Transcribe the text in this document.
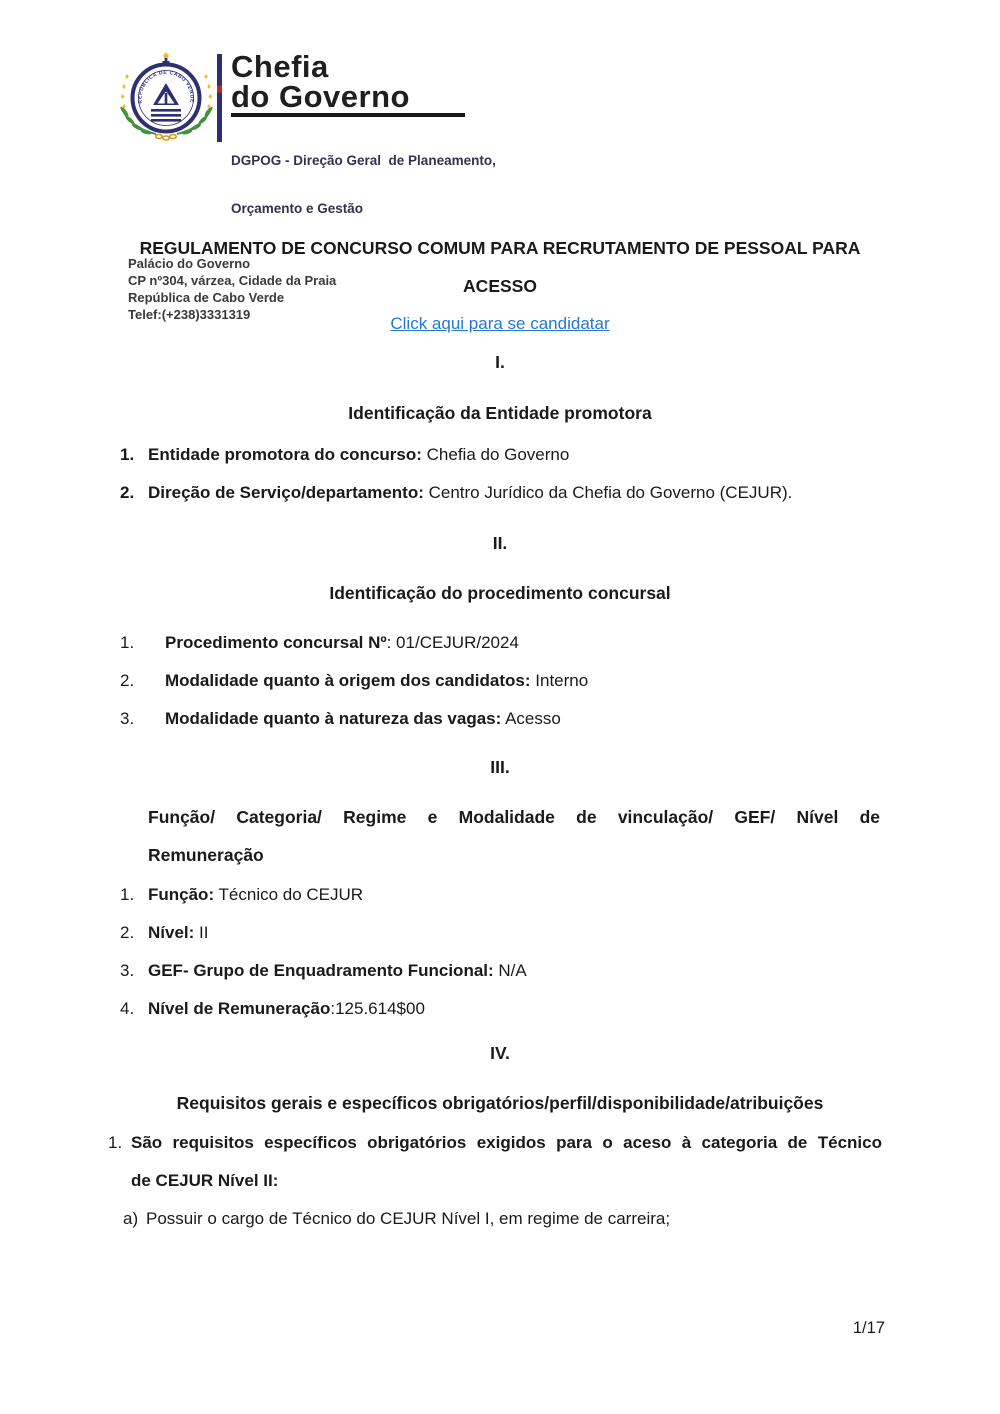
REPÚBLICA DE CABO VERDE
Chefia
do Governo

DGPOG - Direção Geral  de Planeamento,

Orçamento e Gestão

Palácio do Governo
CP nº304, várzea, Cidade da Praia
República de Cabo Verde
Telef:(+238)3331319
REGULAMENTO DE CONCURSO COMUM PARA RECRUTAMENTO DE PESSOAL PARA
ACESSO
Click aqui para se candidatar
I.
Identificação da Entidade promotora
1. Entidade promotora do concurso: Chefia do Governo
2. Direção de Serviço/departamento: Centro Jurídico da Chefia do Governo (CEJUR).
II.
Identificação do procedimento concursal
1.	Procedimento concursal Nº: 01/CEJUR/2024
2.	Modalidade quanto à origem dos candidatos: Interno
3.	Modalidade quanto à natureza das vagas: Acesso
III.
Função/ Categoria/ Regime e Modalidade de vinculação/ GEF/ Nível de
Remuneração
1. Função: Técnico do CEJUR
2. Nível: II
3. GEF- Grupo de Enquadramento Funcional: N/A
4. Nível de Remuneração:125.614$00
IV.
Requisitos gerais e específicos obrigatórios/perfil/disponibilidade/atribuições
1. São requisitos específicos obrigatórios exigidos para o aceso à categoria de Técnico
de CEJUR Nível II:
a) Possuir o cargo de Técnico do CEJUR Nível I, em regime de carreira;
1/17
